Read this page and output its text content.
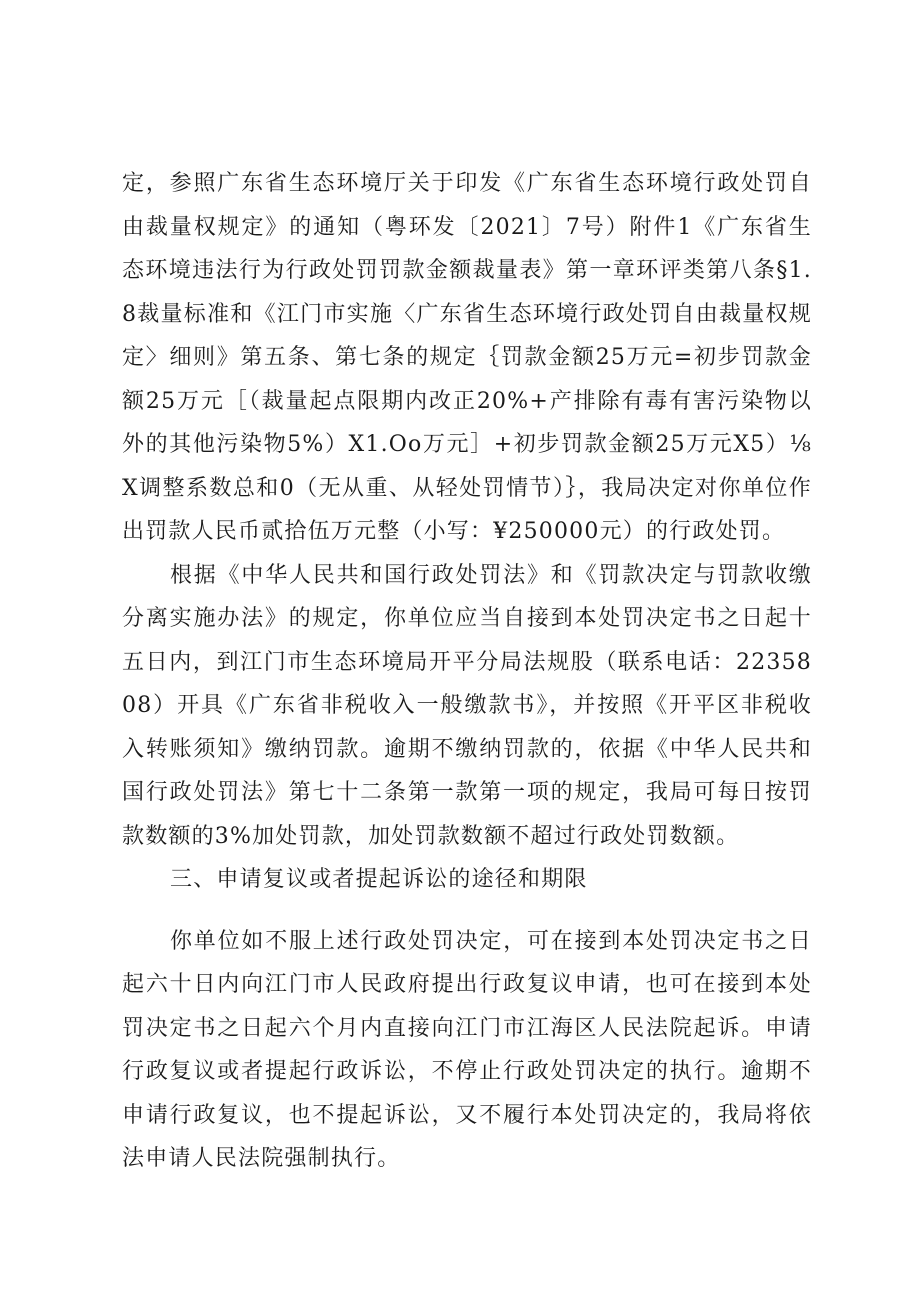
定，参照广东省生态环境厅关于印发《广东省生态环境行政处罚自由裁量权规定》的通知（粤环发〔2021〕7号）附件1《广东省生态环境违法行为行政处罚罚款金额裁量表》第一章环评类第八条§1.8裁量标准和《江门市实施〈广东省生态环境行政处罚自由裁量权规定〉细则》第五条、第七条的规定｛罚款金额25万元=初步罚款金额25万元［（裁量起点限期内改正20%+产排除有毒有害污染物以外的其他污染物5%）X1.Oo万元］+初步罚款金额25万元X5）⅛X调整系数总和0（无从重、从轻处罚情节）｝，我局决定对你单位作出罚款人民币贰拾伍万元整（小写：¥250000元）的行政处罚。

根据《中华人民共和国行政处罚法》和《罚款决定与罚款收缴分离实施办法》的规定，你单位应当自接到本处罚决定书之日起十五日内，到江门市生态环境局开平分局法规股（联系电话：2235808）开具《广东省非税收入一般缴款书》，并按照《开平区非税收入转账须知》缴纳罚款。逾期不缴纳罚款的，依据《中华人民共和国行政处罚法》第七十二条第一款第一项的规定，我局可每日按罚款数额的3%加处罚款，加处罚款数额不超过行政处罚数额。

三、申请复议或者提起诉讼的途径和期限

你单位如不服上述行政处罚决定，可在接到本处罚决定书之日起六十日内向江门市人民政府提出行政复议申请，也可在接到本处罚决定书之日起六个月内直接向江门市江海区人民法院起诉。申请行政复议或者提起行政诉讼，不停止行政处罚决定的执行。逾期不申请行政复议，也不提起诉讼，又不履行本处罚决定的，我局将依法申请人民法院强制执行。
